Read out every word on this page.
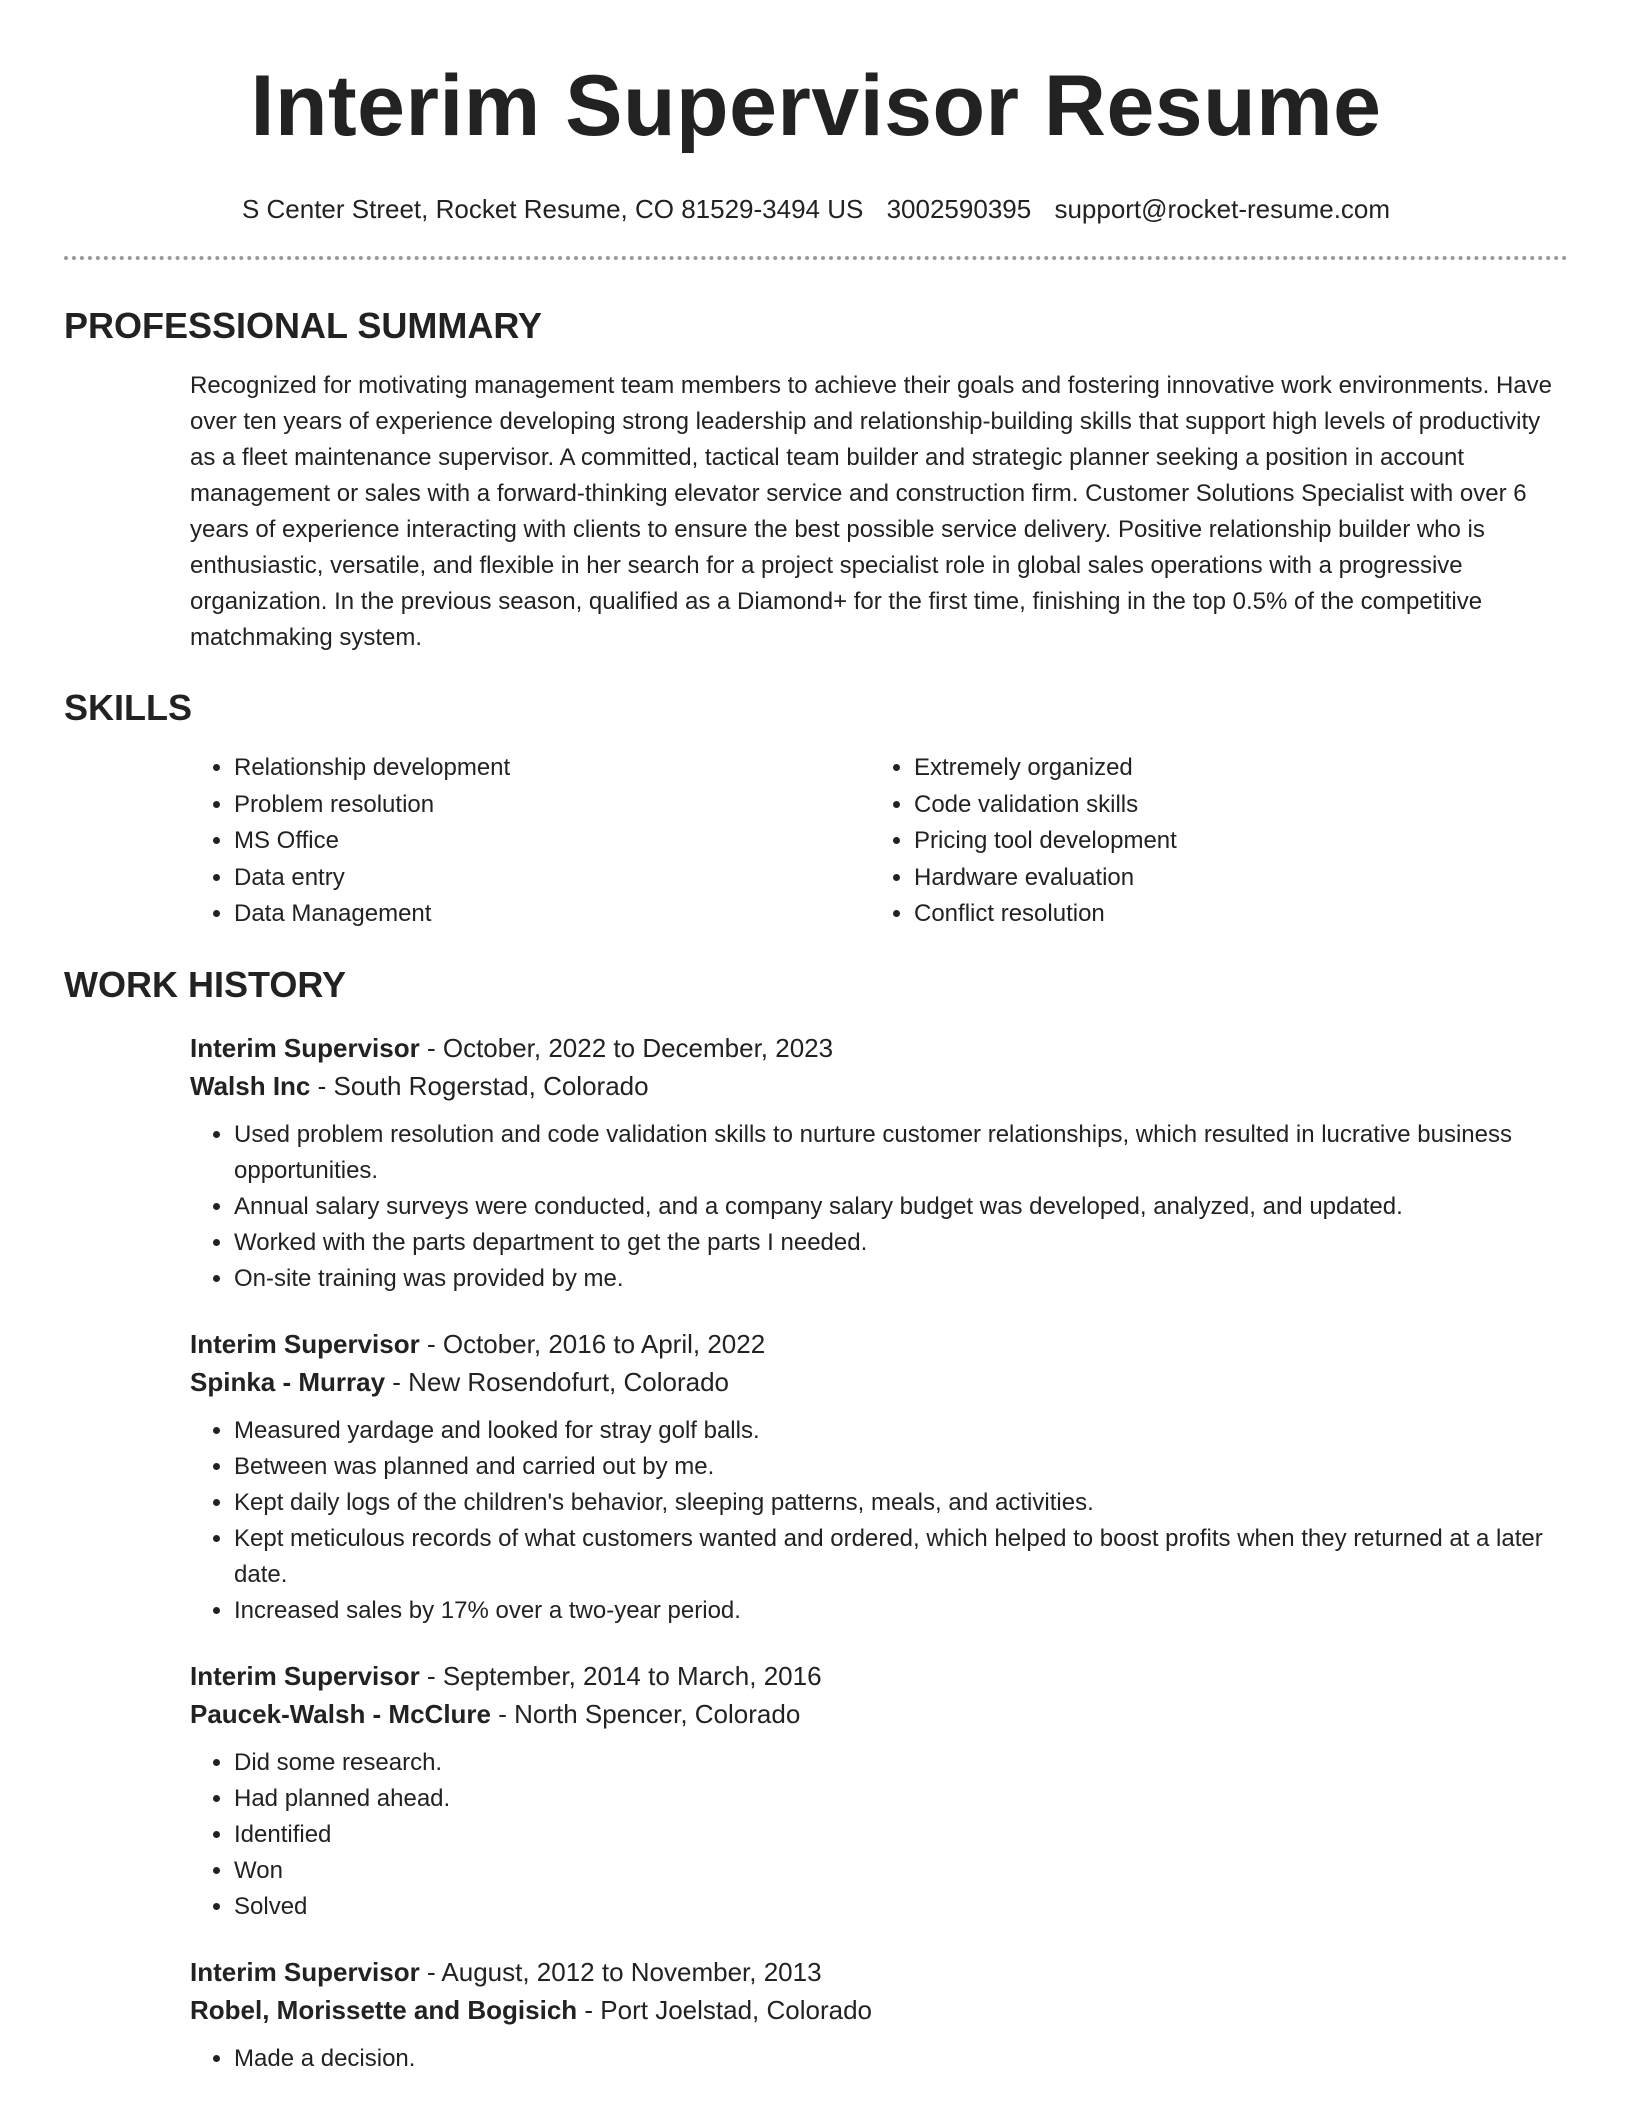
Interim Supervisor Resume
S Center Street, Rocket Resume, CO 81529-3494 US 3002590395 support@rocket-resume.com
PROFESSIONAL SUMMARY

Recognized for motivating management team members to achieve their goals and fostering innovative work environments. Have over ten years of experience developing strong leadership and relationship-building skills that support high levels of productivity as a fleet maintenance supervisor. A committed, tactical team builder and strategic planner seeking a position in account management or sales with a forward-thinking elevator service and construction firm. Customer Solutions Specialist with over 6 years of experience interacting with clients to ensure the best possible service delivery. Positive relationship builder who is enthusiastic, versatile, and flexible in her search for a project specialist role in global sales operations with a progressive organization. In the previous season, qualified as a Diamond+ for the first time, finishing in the top 0.5% of the competitive matchmaking system.

SKILLS
• Relationship development
• Problem resolution
• MS Office
• Data entry
• Data Management
• Extremely organized
• Code validation skills
• Pricing tool development
• Hardware evaluation
• Conflict resolution
WORK HISTORY
Interim Supervisor - October, 2022 to December, 2023
Walsh Inc - South Rogerstad, Colorado
• Used problem resolution and code validation skills to nurture customer relationships, which resulted in lucrative business opportunities.
• Annual salary surveys were conducted, and a company salary budget was developed, analyzed, and updated.
• Worked with the parts department to get the parts I needed.
• On-site training was provided by me.
Interim Supervisor - October, 2016 to April, 2022
Spinka - Murray - New Rosendofurt, Colorado
• Measured yardage and looked for stray golf balls.
• Between was planned and carried out by me.
• Kept daily logs of the children's behavior, sleeping patterns, meals, and activities.
• Kept meticulous records of what customers wanted and ordered, which helped to boost profits when they returned at a later date.
• Increased sales by 17% over a two-year period.
Interim Supervisor - September, 2014 to March, 2016
Paucek-Walsh - McClure - North Spencer, Colorado
• Did some research.
• Had planned ahead.
• Identified
• Won
• Solved
Interim Supervisor - August, 2012 to November, 2013
Robel, Morissette and Bogisich - Port Joelstad, Colorado
• Made a decision.
